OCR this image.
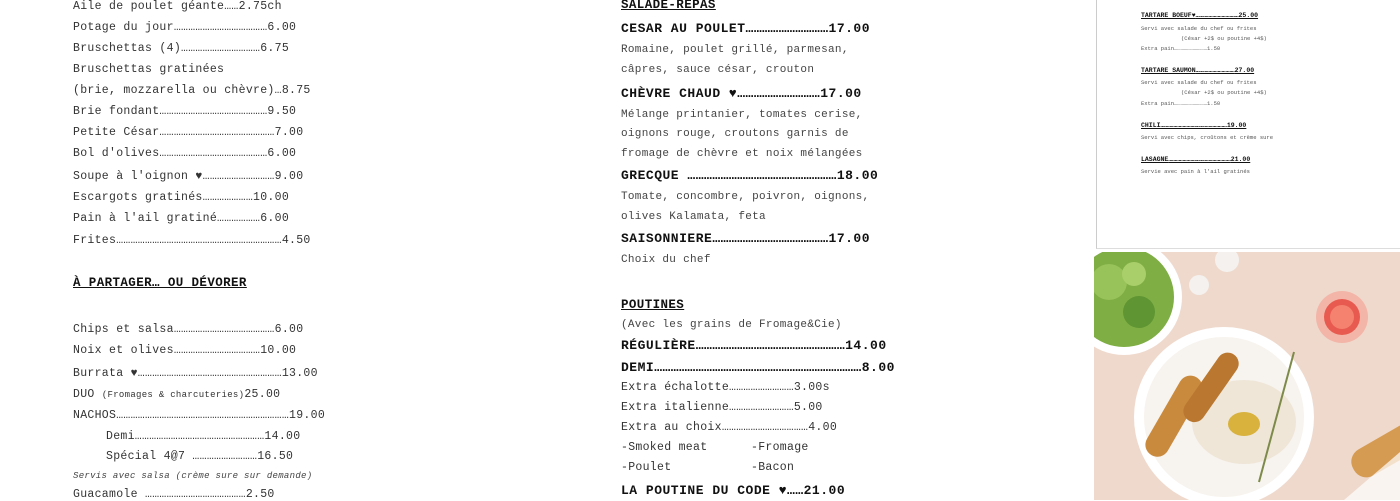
Aile de poulet géante……2.75ch
Potage du jour…………………………………6.00
Bruschettas (4)……………………………6.75
Bruschettas gratinées
(brie, mozzarella ou chèvre)…8.75
Brie fondant………………………………………9.50
Petite César…………………………………………7.00
Bol d'olives………………………………………6.00
Soupe à l'oignon ♥…………………………9.00
Escargots gratinés…………………10.00
Pain à l'ail gratiné………………6.00
Frites……………………………………………………………4.50
À PARTAGER… OU DÉVORER
Chips et salsa……………………………………6.00
Noix et olives………………………………10.00
Burrata ♥……………………………………………………13.00
DUO (Fromages & charcuteries)25.00
NACHOS………………………………………………………………19.00
Demi………………………………………………14.00
Spécial 4@7 ………………………16.50
Servis avec salsa (crème sure sur demande)
Guacamole ……………………………………2.50
SALADE-REPAS
CESAR AU POULET…………………………17.00
Romaine, poulet grillé, parmesan,
câpres, sauce césar, crouton
CHÈVRE CHAUD ♥…………………………17.00
Mélange printanier, tomates cerise,
oignons rouge, croutons garnis de
fromage de chèvre et noix mélangées
GRECQUE ………………………………………………18.00
Tomate, concombre, poivron, oignons,
olives Kalamata, feta
SAISONNIERE……………………………………17.00
Choix du chef
POUTINES
(Avec les grains de Fromage&Cie)
RÉGULIÈRE………………………………………………14.00
DEMI…………………………………………………………………8.00
Extra échalotte………………………3.00s
Extra italienne………………………5.00
Extra au choix………………………………4.00
-Smoked meat	-Fromage
-Poulet	-Bacon
LA POUTINE DU CODE ♥……21.00
TARTARE BOEUF♥……………………………25.00
Servi avec salade du chef ou frites
(César +2$ ou poutine +4$)
Extra pain…………………………1.50
TARTARE SAUMON…………………………27.00
Servi avec salade du chef ou frites
(César +2$ ou poutine +4$)
Extra pain…………………………1.50
CHILI……………………………………………19.00
Servi avec chips, croûtons et crème sure
LASAGNE…………………………………………21.00
Servie avec pain à l'ail gratinés
